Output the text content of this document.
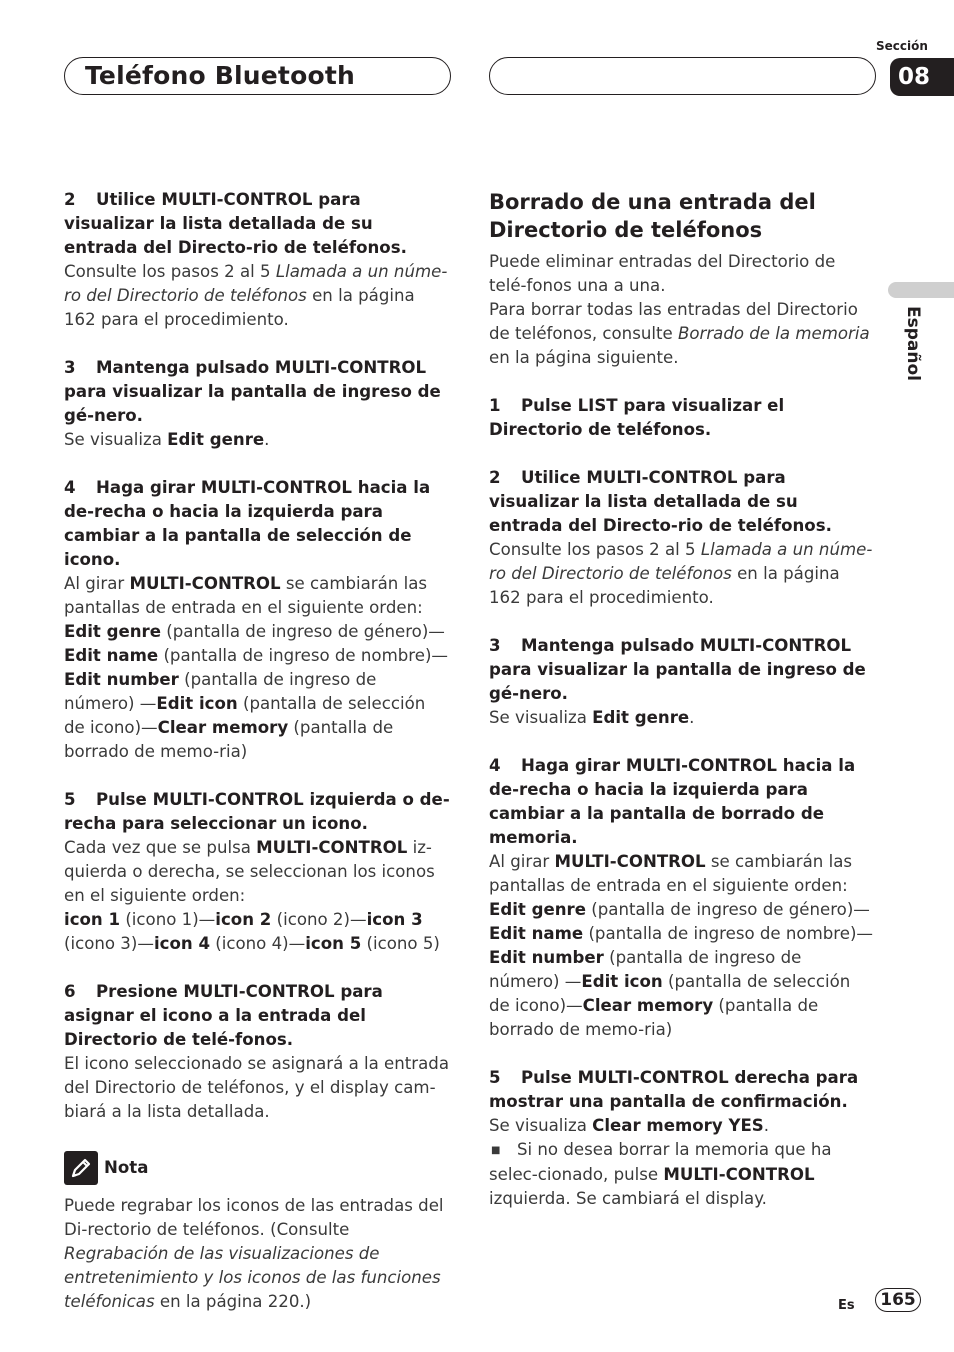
Teléfono Bluetooth
Sección
08
Español

2 Utilice MULTI-CONTROL para visualizar la lista detallada de su entrada del Directo-rio de teléfonos.

Consulte los pasos 2 al 5 Llamada a un núme-ro del Directorio de teléfonos en la página 162 para el procedimiento.

3 Mantenga pulsado MULTI-CONTROL para visualizar la pantalla de ingreso de gé-nero.

Se visualiza Edit genre.

4 Haga girar MULTI-CONTROL hacia la de-recha o hacia la izquierda para cambiar a la pantalla de selección de icono.

Al girar MULTI-CONTROL se cambiarán las pantallas de entrada en el siguiente orden:

Edit genre (pantalla de ingreso de género)—Edit name (pantalla de ingreso de nombre)—Edit number (pantalla de ingreso de número) —Edit icon (pantalla de selección de icono)—Clear memory (pantalla de borrado de memo-ria)

5 Pulse MULTI-CONTROL izquierda o de-recha para seleccionar un icono.

Cada vez que se pulsa MULTI-CONTROL iz-quierda o derecha, se seleccionan los iconos en el siguiente orden:

icon 1 (icono 1)—icon 2 (icono 2)—icon 3 (icono 3)—icon 4 (icono 4)—icon 5 (icono 5)

6 Presione MULTI-CONTROL para asignar el icono a la entrada del Directorio de telé-fonos.

El icono seleccionado se asignará a la entrada del Directorio de teléfonos, y el display cam-biará a la lista detallada.

Nota

Puede regrabar los iconos de las entradas del Di-rectorio de teléfonos. (Consulte Regrabación de las visualizaciones de entretenimiento y los iconos de las funciones teléfonicas en la página 220.)

Borrado de una entrada del Directorio de teléfonos

Puede eliminar entradas del Directorio de telé-fonos una a una.

Para borrar todas las entradas del Directorio de teléfonos, consulte Borrado de la memoria en la página siguiente.

1 Pulse LIST para visualizar el Directorio de teléfonos.

2 Utilice MULTI-CONTROL para visualizar la lista detallada de su entrada del Directo-rio de teléfonos.

Consulte los pasos 2 al 5 Llamada a un núme-ro del Directorio de teléfonos en la página 162 para el procedimiento.

3 Mantenga pulsado MULTI-CONTROL para visualizar la pantalla de ingreso de gé-nero.

Se visualiza Edit genre.

4 Haga girar MULTI-CONTROL hacia la de-recha o hacia la izquierda para cambiar a la pantalla de borrado de memoria.

Al girar MULTI-CONTROL se cambiarán las pantallas de entrada en el siguiente orden:

Edit genre (pantalla de ingreso de género)—Edit name (pantalla de ingreso de nombre)—Edit number (pantalla de ingreso de número) —Edit icon (pantalla de selección de icono)—Clear memory (pantalla de borrado de memo-ria)

5 Pulse MULTI-CONTROL derecha para mostrar una pantalla de confirmación.

Se visualiza Clear memory YES.

■ Si no desea borrar la memoria que ha selec-cionado, pulse MULTI-CONTROL izquierda. Se cambiará el display.

Es	165
